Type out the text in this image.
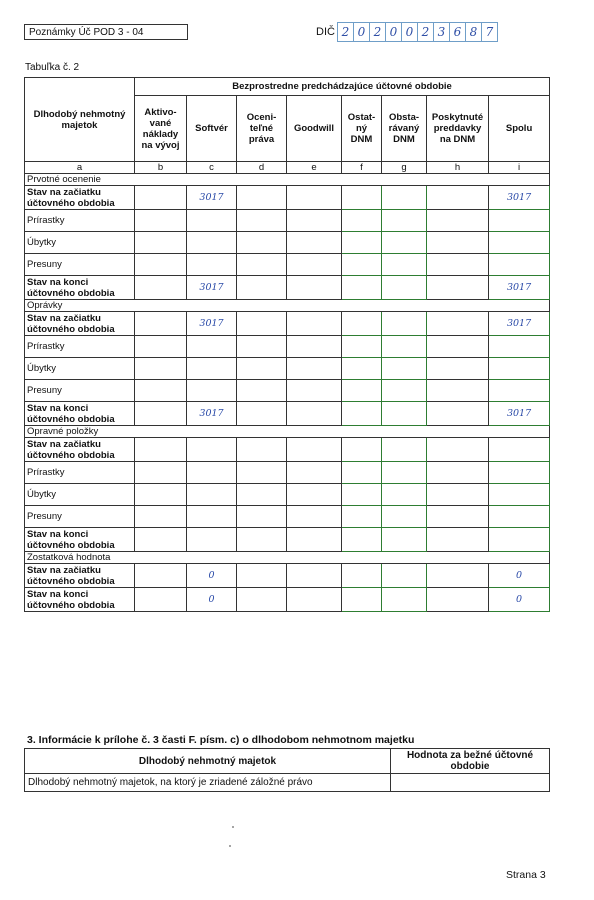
Poznámky Úč POD 3 - 04	DIČ 2 0 2 0 0 2 3 6 8 7
Tabuľka č. 2
Dlhodobý nehmotný majetok	Bezprostredne predchádzajúce účtovné obdobie							
	Aktivo- vané náklady na vývoj	Softvér	Oceni- teľné práva	Goodwill	Ostat- ný DNM	Obsta- rávaný DNM	Poskytnuté preddavky na DNM	Spolu
a	b	c	d	e	f	g	h	i
Prvotné ocenenie								
Stav na začiatku účtovného obdobia		3017						3017
Prírastky								
Úbytky								
Presuny								
Stav na konci účtovného obdobia		3017						3017
Oprávky								
Stav na začiatku účtovného obdobia		3017						3017
Prírastky								
Úbytky								
Presuny								
Stav na konci účtovného obdobia		3017						3017
Opravné položky								
Stav na začiatku účtovného obdobia								
Prírastky								
Úbytky								
Presuny								
Stav na konci účtovného obdobia								
Zostatková hodnota								
Stav na začiatku účtovného obdobia		0						0
Stav na konci účtovného obdobia		0						0
3. Informácie k prílohe č. 3 časti F. písm. c) o dlhodobom nehmotnom majetku
Dlhodobý nehmotný majetok	Hodnota za bežné účtovné obdobie
Dlhodobý nehmotný majetok, na ktorý je zriadené záložné právo	
Strana 3
